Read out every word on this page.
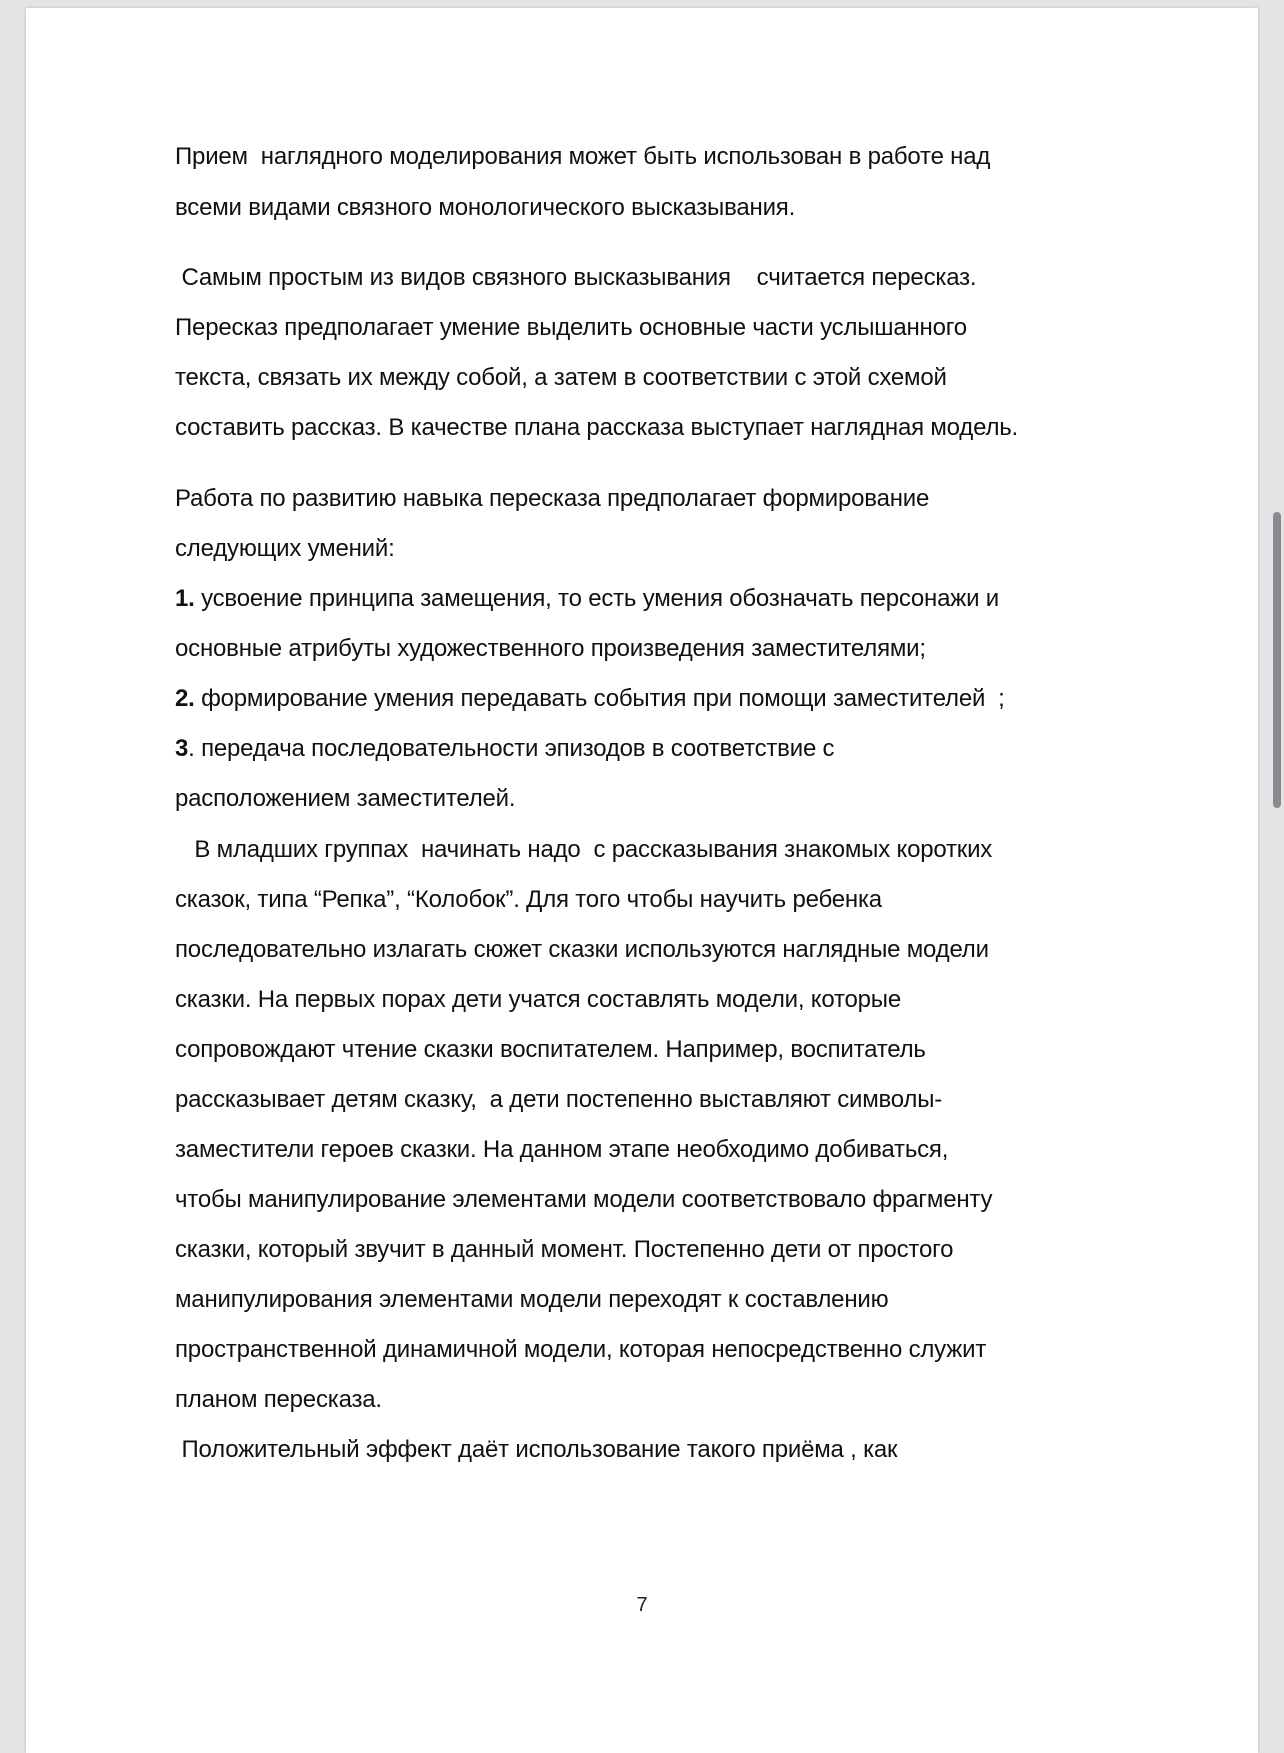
Прием  наглядного моделирования может быть использован в работе над
всеми видами связного монологического высказывания.
Самым простым из видов связного высказывания    считается пересказ.
Пересказ предполагает умение выделить основные части услышанного
текста, связать их между собой, а затем в соответствии с этой схемой
составить рассказ. В качестве плана рассказа выступает наглядная модель.
Работа по развитию навыка пересказа предполагает формирование
следующих умений:
1. усвоение принципа замещения, то есть умения обозначать персонажи и
основные атрибуты художественного произведения заместителями;
2. формирование умения передавать события при помощи заместителей  ;
3. передача последовательности эпизодов в соответствие с
расположением заместителей.
В младших группах  начинать надо  с рассказывания знакомых коротких
сказок, типа “Репка”, “Колобок”. Для того чтобы научить ребенка
последовательно излагать сюжет сказки используются наглядные модели
сказки. На первых порах дети учатся составлять модели, которые
сопровождают чтение сказки воспитателем. Например, воспитатель
рассказывает детям сказку,  а дети постепенно выставляют символы-
заместители героев сказки. На данном этапе необходимо добиваться,
чтобы манипулирование элементами модели соответствовало фрагменту
сказки, который звучит в данный момент. Постепенно дети от простого
манипулирования элементами модели переходят к составлению
пространственной динамичной модели, которая непосредственно служит
планом пересказа.
Положительный эффект даёт использование такого приёма , как
7
